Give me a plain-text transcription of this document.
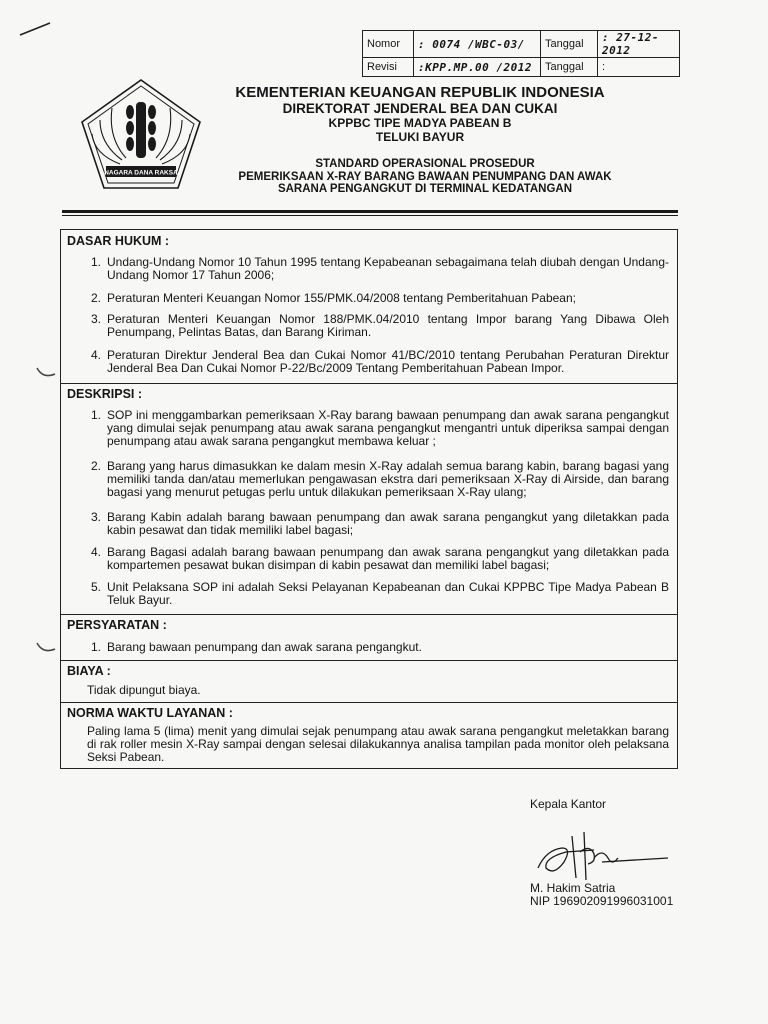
Nomor	: 0074 /WBC-03/	Tanggal	: 27-12-2012
Revisi	:KPP.MP.00 /2012	Tanggal	:
NAGARA DANA RAKSA
KEMENTERIAN KEUANGAN REPUBLIK INDONESIA
DIREKTORAT JENDERAL BEA DAN CUKAI
KPPBC TIPE MADYA PABEAN B
TELUKI BAYUR
STANDARD OPERASIONAL PROSEDUR
PEMERIKSAAN X-RAY BARANG BAWAAN PENUMPANG DAN AWAK
SARANA PENGANGKUT DI TERMINAL KEDATANGAN
DASAR HUKUM :
1. Undang-Undang Nomor 10 Tahun 1995 tentang Kepabeanan sebagaimana telah diubah dengan Undang-Undang Nomor 17 Tahun 2006;
2. Peraturan Menteri Keuangan Nomor 155/PMK.04/2008 tentang Pemberitahuan Pabean;
3. Peraturan Menteri Keuangan Nomor 188/PMK.04/2010 tentang Impor barang Yang Dibawa Oleh Penumpang, Pelintas Batas, dan Barang Kiriman.
4. Peraturan Direktur Jenderal Bea dan Cukai Nomor 41/BC/2010 tentang Perubahan Peraturan Direktur Jenderal Bea Dan Cukai Nomor P-22/Bc/2009 Tentang Pemberitahuan Pabean Impor.
DESKRIPSI :
1. SOP ini menggambarkan pemeriksaan X-Ray barang bawaan penumpang dan awak sarana pengangkut yang dimulai sejak penumpang atau awak sarana pengangkut mengantri untuk diperiksa sampai dengan penumpang atau awak sarana pengangkut membawa keluar ;
2. Barang yang harus dimasukkan ke dalam mesin X-Ray adalah semua barang kabin, barang bagasi yang memiliki tanda dan/atau memerlukan pengawasan ekstra dari pemeriksaan X-Ray di Airside, dan barang bagasi yang menurut petugas perlu untuk dilakukan pemeriksaan X-Ray ulang;
3. Barang Kabin adalah barang bawaan penumpang dan awak sarana pengangkut yang diletakkan pada kabin pesawat dan tidak memiliki label bagasi;
4. Barang Bagasi adalah barang bawaan penumpang dan awak sarana pengangkut yang diletakkan pada kompartemen pesawat bukan disimpan di kabin pesawat dan memiliki label bagasi;
5. Unit Pelaksana SOP ini adalah Seksi Pelayanan Kepabeanan dan Cukai KPPBC Tipe Madya Pabean B Teluk Bayur.
PERSYARATAN :
1. Barang bawaan penumpang dan awak sarana pengangkut.
BIAYA :
Tidak dipungut biaya.
NORMA WAKTU LAYANAN :
Paling lama 5 (lima) menit yang dimulai sejak penumpang atau awak sarana pengangkut meletakkan barang di rak roller mesin X-Ray sampai dengan selesai dilakukannya analisa tampilan pada monitor oleh pelaksana Seksi Pabean.
Kepala Kantor
M. Hakim Satria
NIP 196902091996031001
